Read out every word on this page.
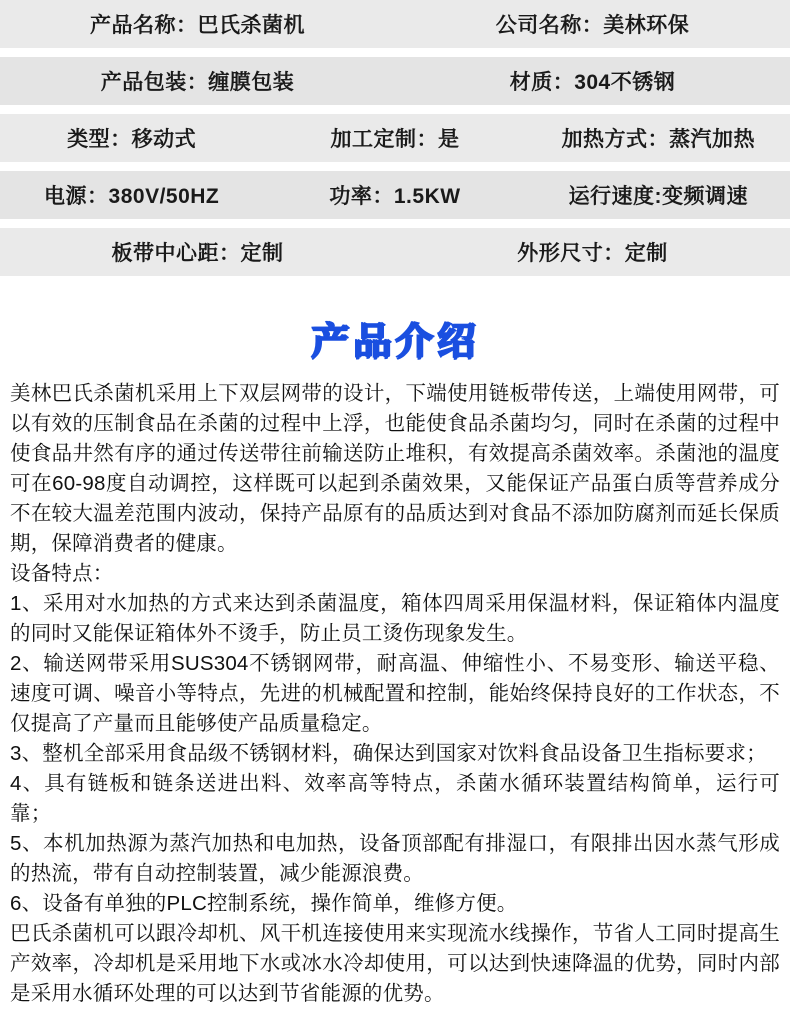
产品名称：巴氏杀菌机		公司名称：美林环保	

产品包装：缠膜包装		材质：304不锈钢	

类型：移动式	加工定制：是		加热方式：蒸汽加热

电源：380V/50HZ	功率：1.5KW		运行速度:变频调速

板带中心距：定制		外形尺寸：定制	
产品介绍

美林巴氏杀菌机采用上下双层网带的设计，下端使用链板带传送，上端使用网带，可以有效的压制食品在杀菌的过程中上浮，也能使食品杀菌均匀，同时在杀菌的过程中使食品井然有序的通过传送带往前输送防止堆积，有效提高杀菌效率。杀菌池的温度可在60-98度自动调控，这样既可以起到杀菌效果，又能保证产品蛋白质等营养成分不在较大温差范围内波动，保持产品原有的品质达到对食品不添加防腐剂而延长保质期，保障消费者的健康。

设备特点：

1、采用对水加热的方式来达到杀菌温度，箱体四周采用保温材料，保证箱体内温度的同时又能保证箱体外不烫手，防止员工烫伤现象发生。

2、输送网带采用SUS304不锈钢网带，耐高温、伸缩性小、不易变形、输送平稳、速度可调、噪音小等特点，先进的机械配置和控制，能始终保持良好的工作状态，不仅提高了产量而且能够使产品质量稳定。

3、整机全部采用食品级不锈钢材料，确保达到国家对饮料食品设备卫生指标要求；

4、具有链板和链条送进出料、效率高等特点，杀菌水循环装置结构简单，运行可靠；

5、本机加热源为蒸汽加热和电加热，设备顶部配有排湿口，有限排出因水蒸气形成的热流，带有自动控制装置，减少能源浪费。

6、设备有单独的PLC控制系统，操作简单，维修方便。

巴氏杀菌机可以跟冷却机、风干机连接使用来实现流水线操作，节省人工同时提高生产效率，冷却机是采用地下水或冰水冷却使用，可以达到快速降温的优势，同时内部是采用水循环处理的可以达到节省能源的优势。
